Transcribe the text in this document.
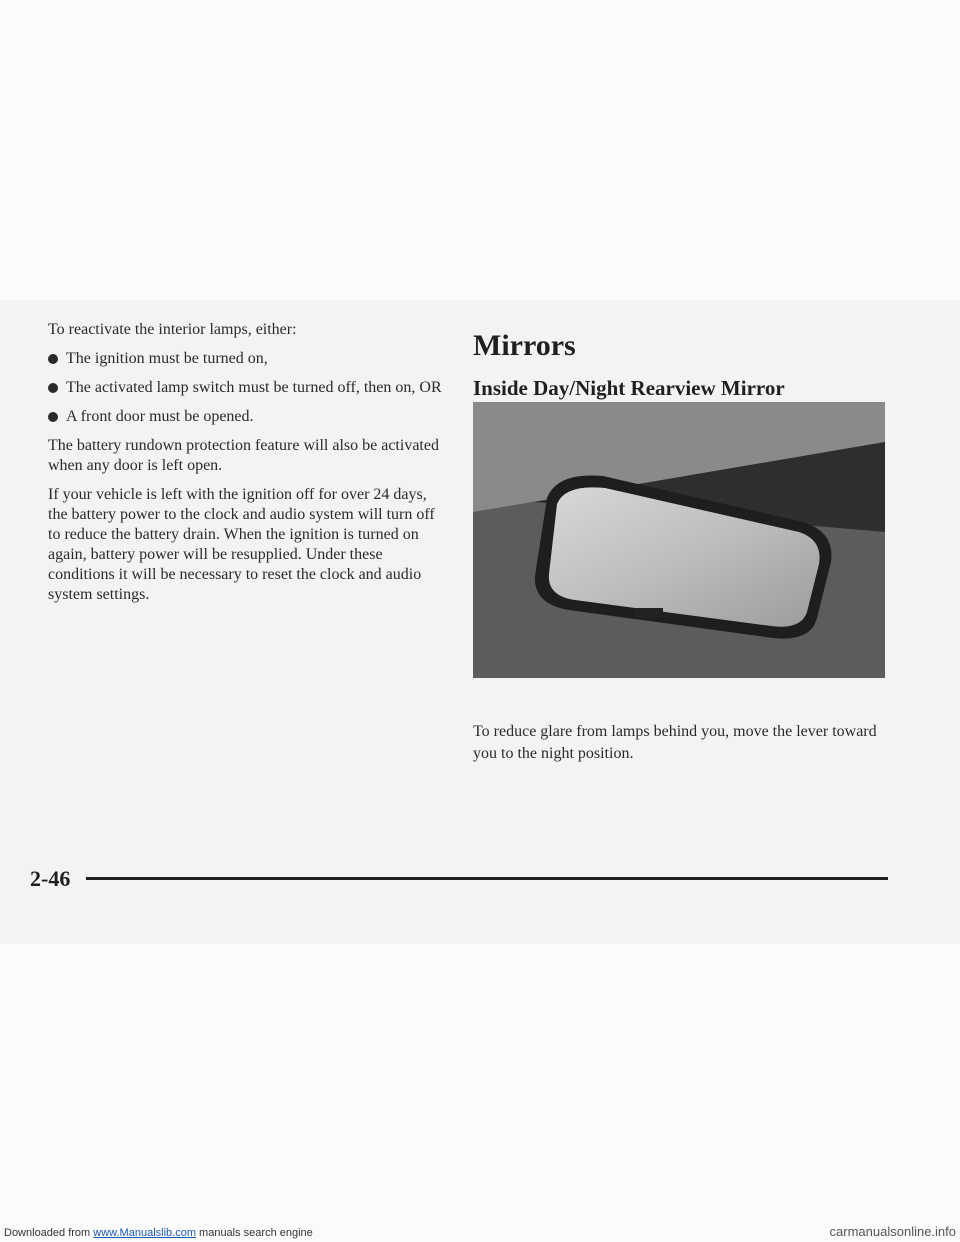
To reactivate the interior lamps, either:

The ignition must be turned on,
The activated lamp switch must be turned off, then on, OR
A front door must be opened.

The battery rundown protection feature will also be activated when any door is left open.

If your vehicle is left with the ignition off for over 24 days, the battery power to the clock and audio system will turn off to reduce the battery drain. When the ignition is turned on again, battery power will be resupplied. Under these conditions it will be necessary to reset the clock and audio system settings.

Mirrors
Inside Day/Night Rearview Mirror

To reduce glare from lamps behind you, move the lever toward you to the night position.

2-46
Downloaded from www.Manualslib.com manuals search engine	carmanualsonline.info
